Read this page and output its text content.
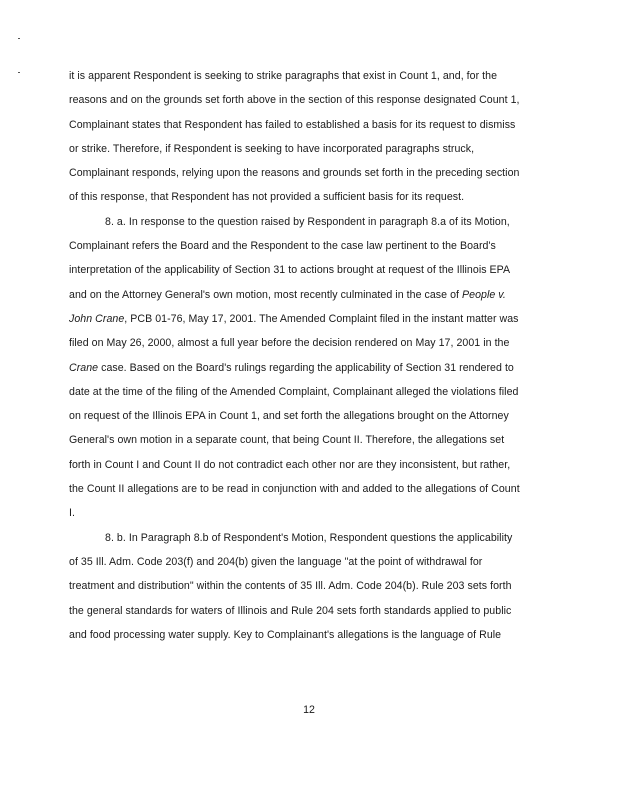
it is apparent Respondent is seeking to strike paragraphs that exist in Count 1, and, for the
reasons and on the grounds set forth above in the section of this response designated Count 1,
Complainant states that Respondent has failed to established a basis for its request to dismiss
or strike. Therefore, if Respondent is seeking to have incorporated paragraphs struck,
Complainant responds, relying upon the reasons and grounds set forth in the preceding section
of this response, that Respondent has not provided a sufficient basis for its request.
8. a. In response to the question raised by Respondent in paragraph 8.a of its Motion,
Complainant refers the Board and the Respondent to the case law pertinent to the Board's
interpretation of the applicability of Section 31 to actions brought at request of the Illinois EPA
and on the Attorney General's own motion, most recently culminated in the case of People v.
John Crane, PCB 01-76, May 17, 2001. The Amended Complaint filed in the instant matter was
filed on May 26, 2000, almost a full year before the decision rendered on May 17, 2001 in the
Crane case. Based on the Board's rulings regarding the applicability of Section 31 rendered to
date at the time of the filing of the Amended Complaint, Complainant alleged the violations filed
on request of the Illinois EPA in Count 1, and set forth the allegations brought on the Attorney
General's own motion in a separate count, that being Count II. Therefore, the allegations set
forth in Count I and Count II do not contradict each other nor are they inconsistent, but rather,
the Count II allegations are to be read in conjunction with and added to the allegations of Count
I.
8. b. In Paragraph 8.b of Respondent's Motion, Respondent questions the applicability
of 35 Ill. Adm. Code 203(f) and 204(b) given the language "at the point of withdrawal for
treatment and distribution" within the contents of 35 Ill. Adm. Code 204(b). Rule 203 sets forth
the general standards for waters of Illinois and Rule 204 sets forth standards applied to public
and food processing water supply. Key to Complainant's allegations is the language of Rule
12
